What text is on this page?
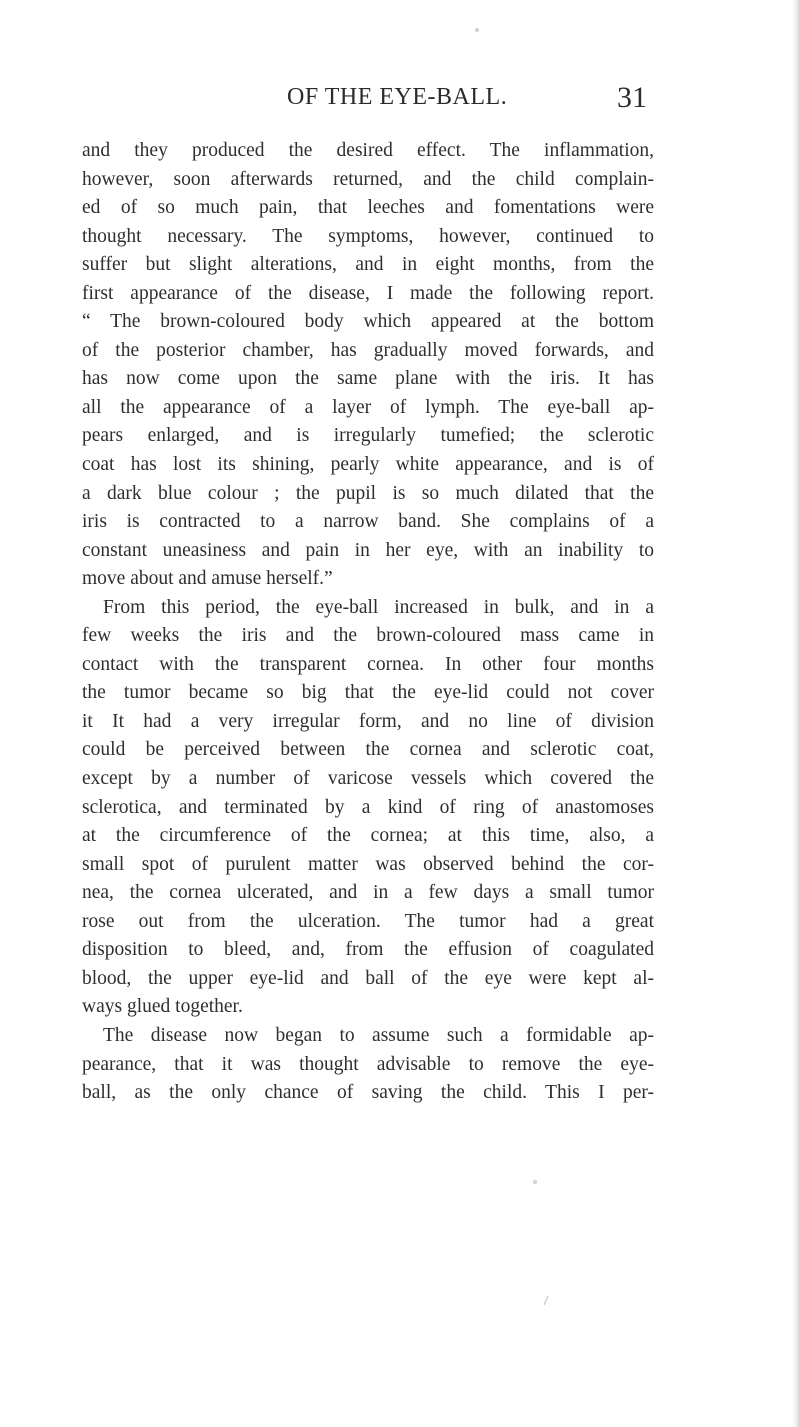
OF THE EYE-BALL.	31
and they produced the desired effect. The inflammation,
however, soon afterwards returned, and the child complain-
ed of so much pain, that leeches and fomentations were
thought necessary. The symptoms, however, continued to
suffer but slight alterations, and in eight months, from the
first appearance of the disease, I made the following report.
“ The brown-coloured body which appeared at the bottom
of the posterior chamber, has gradually moved forwards, and
has now come upon the same plane with the iris. It has
all the appearance of a layer of lymph. The eye-ball ap-
pears enlarged, and is irregularly tumefied; the sclerotic
coat has lost its shining, pearly white appearance, and is of
a dark blue colour ; the pupil is so much dilated that the
iris is contracted to a narrow band. She complains of a
constant uneasiness and pain in her eye, with an inability to
move about and amuse herself.”
From this period, the eye-ball increased in bulk, and in a
few weeks the iris and the brown-coloured mass came in
contact with the transparent cornea. In other four months
the tumor became so big that the eye-lid could not cover
it It had a very irregular form, and no line of division
could be perceived between the cornea and sclerotic coat,
except by a number of varicose vessels which covered the
sclerotica, and terminated by a kind of ring of anastomoses
at the circumference of the cornea; at this time, also, a
small spot of purulent matter was observed behind the cor-
nea, the cornea ulcerated, and in a few days a small tumor
rose out from the ulceration. The tumor had a great
disposition to bleed, and, from the effusion of coagulated
blood, the upper eye-lid and ball of the eye were kept al-
ways glued together.
The disease now began to assume such a formidable ap-
pearance, that it was thought advisable to remove the eye-
ball, as the only chance of saving the child. This I per-
